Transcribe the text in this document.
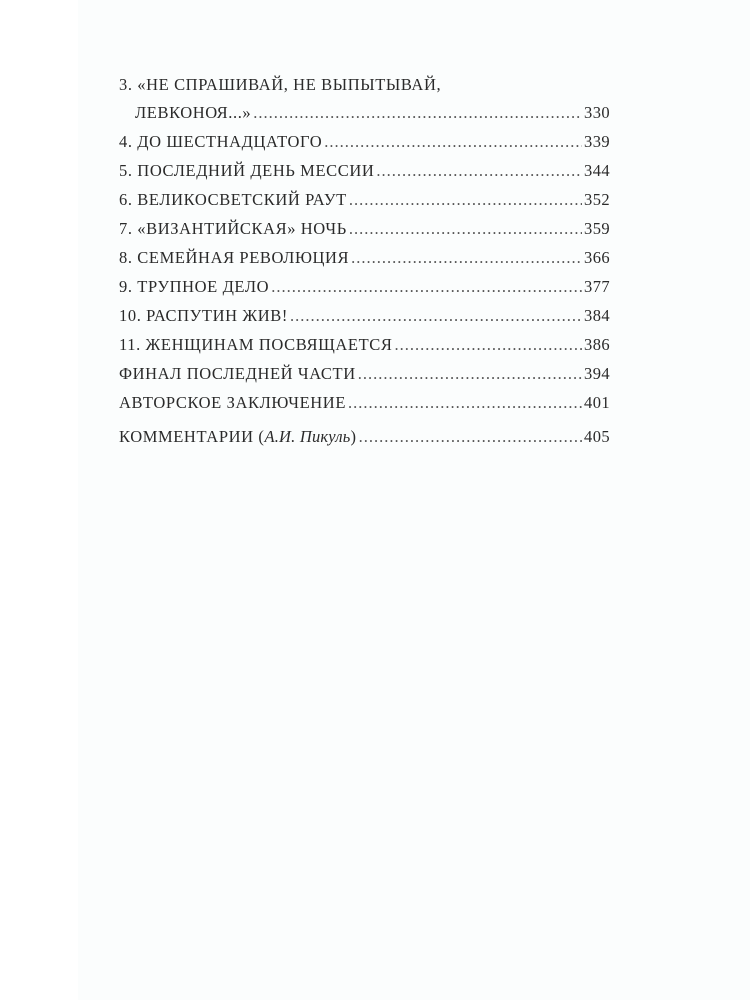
3. «НЕ СПРАШИВАЙ, НЕ ВЫПЫТЫВАЙ,
ЛЕВКОНОЯ...» .....	330
4. ДО ШЕСТНАДЦАТОГО .....	339
5. ПОСЛЕДНИЙ ДЕНЬ МЕССИИ .....	344
6. ВЕЛИКОСВЕТСКИЙ РАУТ .....	352
7. «ВИЗАНТИЙСКАЯ» НОЧЬ .....	359
8. СЕМЕЙНАЯ РЕВОЛЮЦИЯ .....	366
9. ТРУПНОЕ ДЕЛО .....	377
10. РАСПУТИН ЖИВ! .....	384
11. ЖЕНЩИНАМ ПОСВЯЩАЕТСЯ .....	386
ФИНАЛ ПОСЛЕДНЕЙ ЧАСТИ .....	394
АВТОРСКОЕ ЗАКЛЮЧЕНИЕ .....	401
КОММЕНТАРИИ (А.И. Пикуль) .....	405
